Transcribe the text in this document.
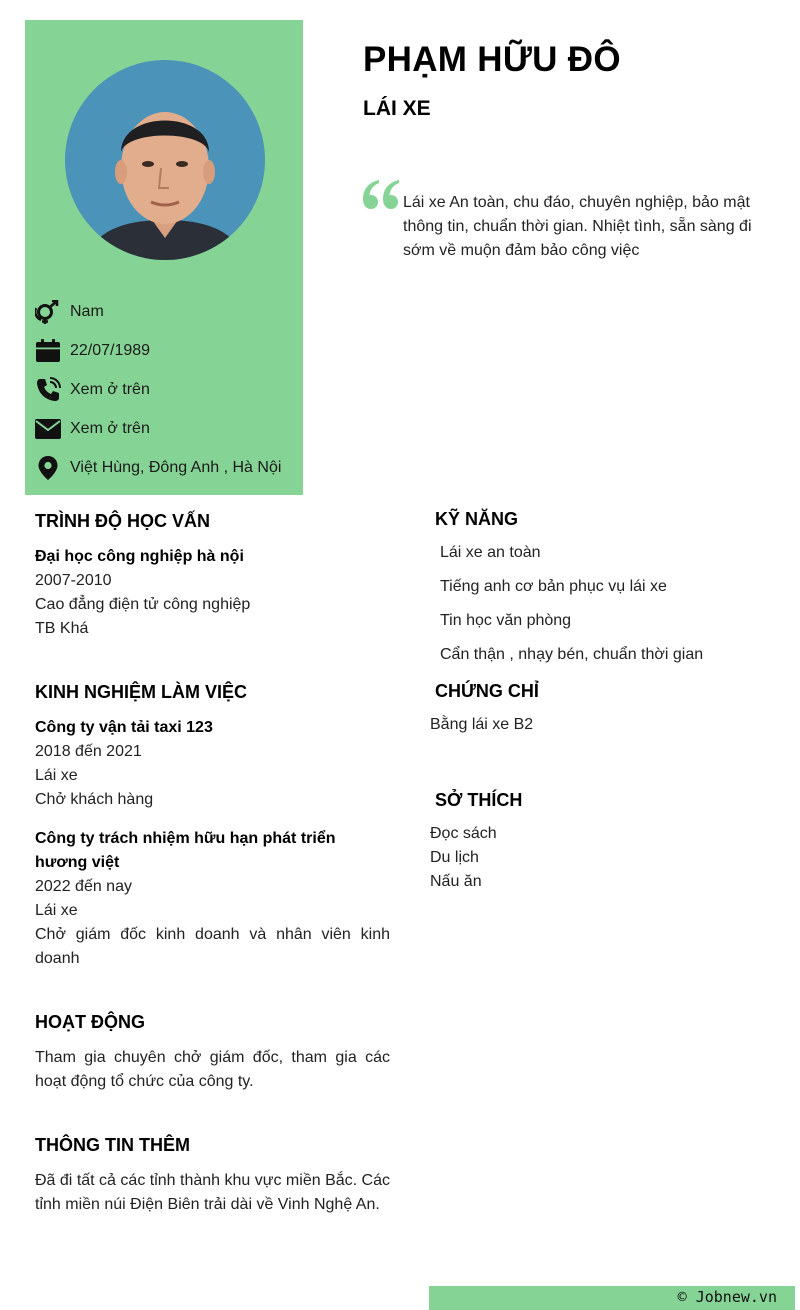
Nam
22/07/1989
Xem ở trên
Xem ở trên
Việt Hùng, Đông Anh , Hà Nội
PHẠM HỮU ĐÔ
LÁI XE
Lái xe An toàn, chu đáo, chuyên nghiệp, bảo mật thông tin, chuẩn thời gian. Nhiệt tình, sẵn sàng đi sớm về muộn đảm bảo công việc
TRÌNH ĐỘ HỌC VẤN
Đại học công nghiệp hà nội
2007-2010
Cao đẳng điện tử công nghiệp
TB Khá
KINH NGHIỆM LÀM VIỆC
Công ty vận tải taxi 123
2018 đến 2021
Lái xe
Chở khách hàng
Công ty trách nhiệm hữu hạn phát triển hương việt
2022 đến nay
Lái xe
Chở giám đốc kinh doanh và nhân viên kinh doanh
HOẠT ĐỘNG
Tham gia chuyên chở giám đốc, tham gia các hoạt động tổ chức của công ty.
THÔNG TIN THÊM
Đã đi tất cả các tỉnh thành khu vực miền Bắc. Các tỉnh miền núi Điện Biên trải dài về Vinh Nghệ An.
KỸ NĂNG
Lái xe an toàn
Tiếng anh cơ bản phục vụ lái xe
Tin học văn phòng
Cẩn thận , nhạy bén, chuẩn thời gian
CHỨNG CHỈ
Bằng lái xe B2
SỞ THÍCH
Đọc sách
Du lịch
Nấu ăn
© Jobnew.vn
